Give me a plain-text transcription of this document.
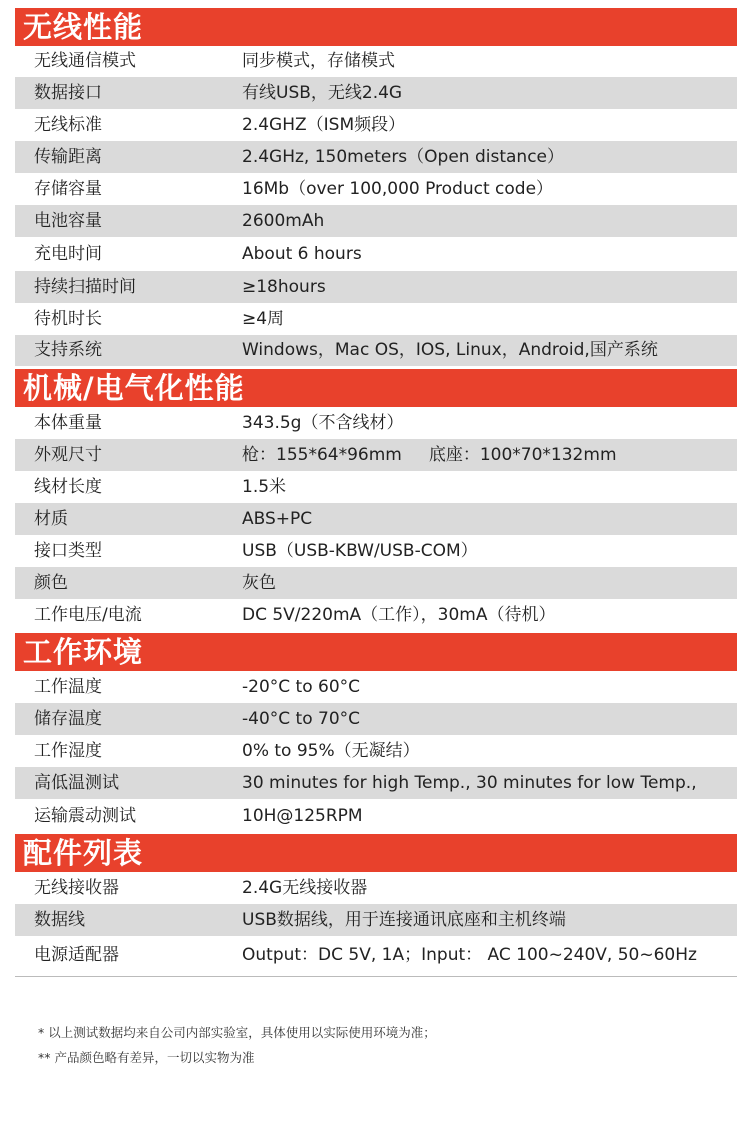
无线性能
无线通信模式	同步模式，存储模式
数据接口	有线USB，无线2.4G
无线标准	2.4GHZ（ISM频段）
传输距离	2.4GHz, 150meters（Open distance）
存储容量	16Mb（over 100,000 Product code）
电池容量	2600mAh
充电时间	About 6 hours
持续扫描时间	≥18hours
待机时长	≥4周
支持系统	Windows，Mac OS，IOS, Linux，Android,国产系统
机械/电气化性能
本体重量	343.5g（不含线材）
外观尺寸	枪：155*64*96mm     底座：100*70*132mm
线材长度	1.5米
材质	ABS+PC
接口类型	USB（USB-KBW/USB-COM）
颜色	灰色
工作电压/电流	DC 5V/220mA（工作），30mA（待机）
工作环境
工作温度	-20°C to 60°C
储存温度	-40°C to 70°C
工作湿度	0% to 95%（无凝结）
高低温测试	30 minutes for high Temp., 30 minutes for low Temp.,
运输震动测试	10H@125RPM
配件列表
无线接收器	2.4G无线接收器
数据线	USB数据线，用于连接通讯底座和主机终端
电源适配器	Output：DC 5V, 1A；Input： AC 100~240V, 50~60Hz
* 以上测试数据均来自公司内部实验室，具体使用以实际使用环境为准；
** 产品颜色略有差异，一切以实物为准
